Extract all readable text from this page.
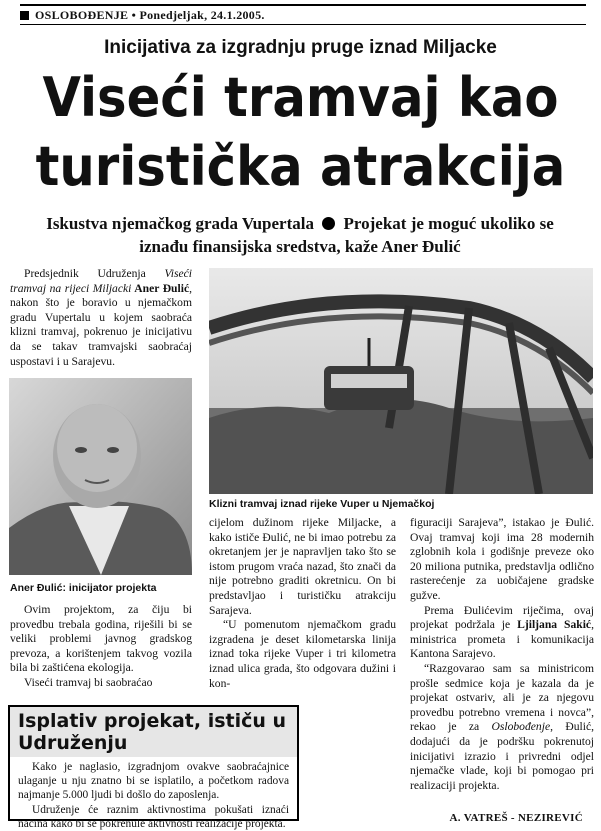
OSLOBOĐENJE • Ponedjeljak, 24.1.2005.
Inicijativa za izgradnju pruge iznad Miljacke
Viseći tramvaj kao
turistička atrakcija
Iskustva njemačkog grada Vupertala Projekat je moguć ukoliko se iznađu finansijska sredstva, kaže Aner Đulić

Predsjednik Udruženja Viseći tramvaj na rijeci Miljacki Aner Đulić, nakon što je boravio u njemačkom gradu Vupertalu u kojem saobraća klizni tramvaj, pokrenuo je inicijativu da se takav tramvajski saobraćaj uspostavi i u Sarajevu.

Aner Đulić: inicijator projekta
Klizni tramvaj iznad rijeke Vuper u Njemačkoj

Ovim projektom, za čiju bi provedbu trebala godina, riješili bi se veliki problemi javnog gradskog prevoza, a korištenjem takvog vozila bila bi zaštićena ekologija.

Viseći tramvaj bi saobraćao

cijelom dužinom rijeke Miljacke, a kako ističe Đulić, ne bi imao potrebu za okretanjem jer je napravljen tako što se istom prugom vraća nazad, što znači da nije potrebno graditi okretnicu. On bi predstavljao i turističku atrakciju Sarajeva.

“U pomenutom njemačkom gradu izgradena je deset kilometarska linija iznad toka rijeke Vuper i tri kilometra iznad ulica grada, što odgovara dužini i kon-

figuraciji Sarajeva”, istakao je Đulić. Ovaj tramvaj koji ima 28 modernih zglobnih kola i godišnje preveze oko 20 miliona putnika, predstavlja odlično rasterećenje za uobičajene gradske gužve.

Prema Đulićevim riječima, ovaj projekat podržala je Ljiljana Sakić, ministrica prometa i komunikacija Kantona Sarajevo.

“Razgovarao sam sa ministricom prošle sedmice koja je kazala da je projekat ostvariv, ali je za njegovu provedbu potrebno vremena i novca”, rekao je za Oslobođenje, Đulić, dodajući da je podršku pokrenutoj inicijativi izrazio i privredni odjel njemačke vlade, koji bi pomogao pri realizaciji projekta.

Isplativ projekat, ističu u Udruženju

Kako je naglasio, izgradnjom ovakve saobraćajnice ulaganje u nju znatno bi se isplatilo, a početkom radova najmanje 5.000 ljudi bi došlo do zaposlenja.

Udruženje će raznim aktivnostima pokušati iznaći načina kako bi se pokrenule aktivnosti realizacije projekta.	A. VATREŠ - NEZIREVIĆ
